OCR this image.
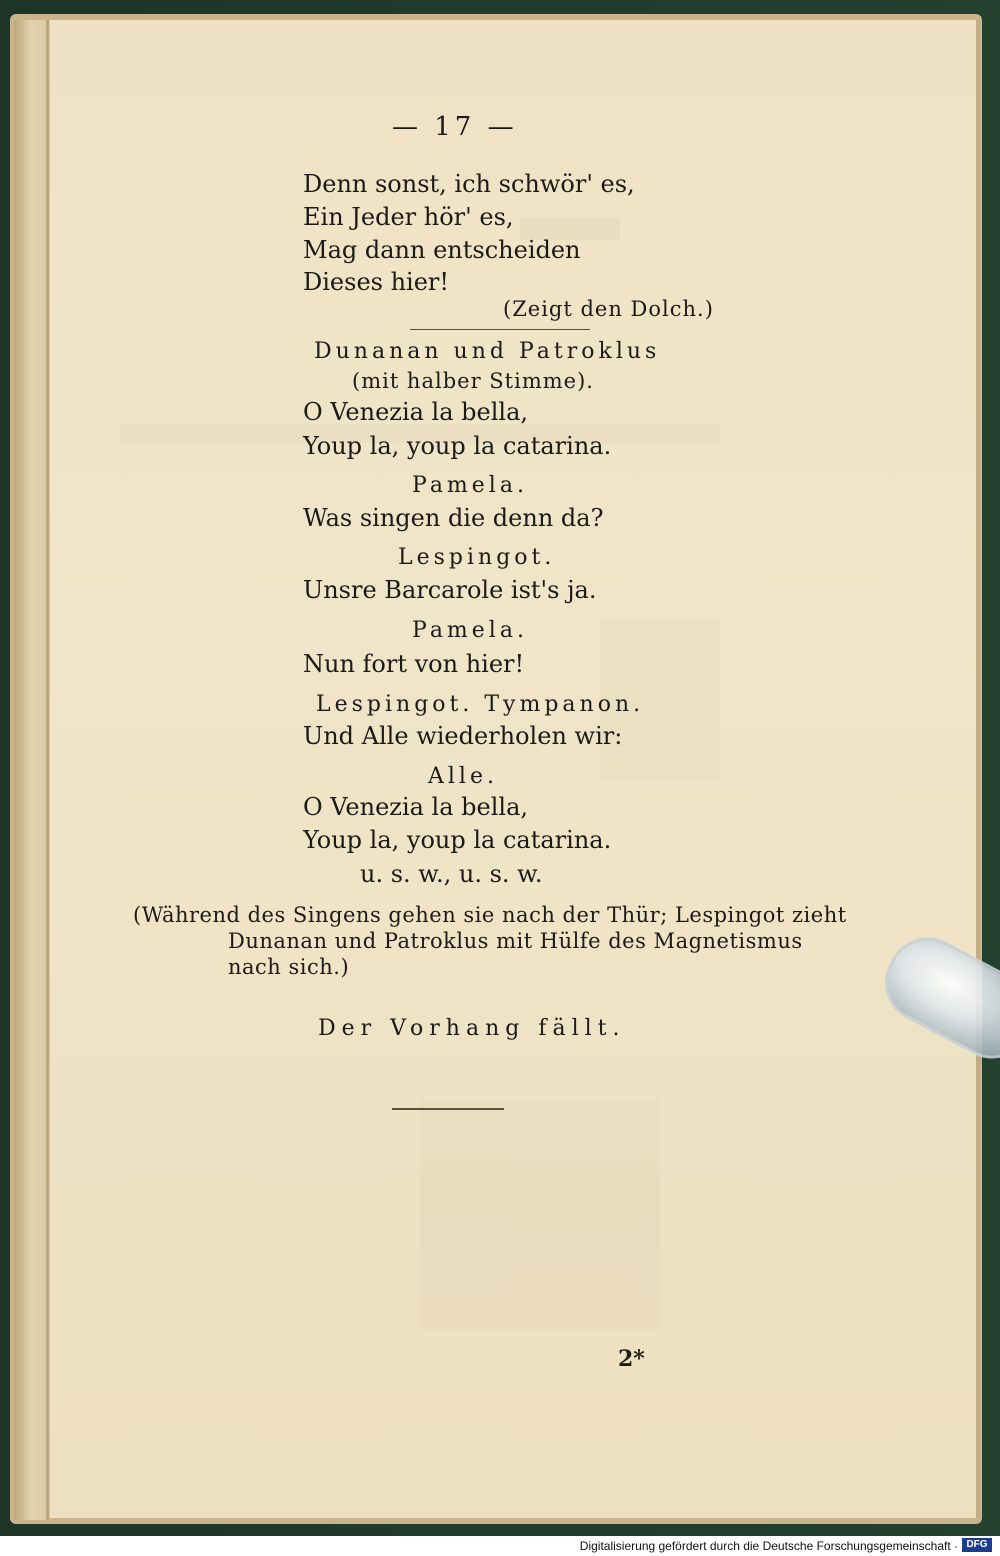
— 17 —
Denn sonst, ich schwör' es,
Ein Jeder hör' es,
Mag dann entscheiden
Dieses hier!
(Zeigt den Dolch.)
Dunanan und Patroklus
(mit halber Stimme).
O Venezia la bella,
Youp la, youp la catarina.
Pamela.
Was singen die denn da?
Lespingot.
Unsre Barcarole ist's ja.
Pamela.
Nun fort von hier!
Lespingot. Tympanon.
Und Alle wiederholen wir:
Alle.
O Venezia la bella,
Youp la, youp la catarina.
u. s. w., u. s. w.
(Während des Singens gehen sie nach der Thür; Lespingot zieht
Dunanan und Patroklus mit Hülfe des Magnetismus
nach sich.)
Der Vorhang fällt.
2*
Digitalisierung gefördert durch die Deutsche Forschungsgemeinschaft · DFG
